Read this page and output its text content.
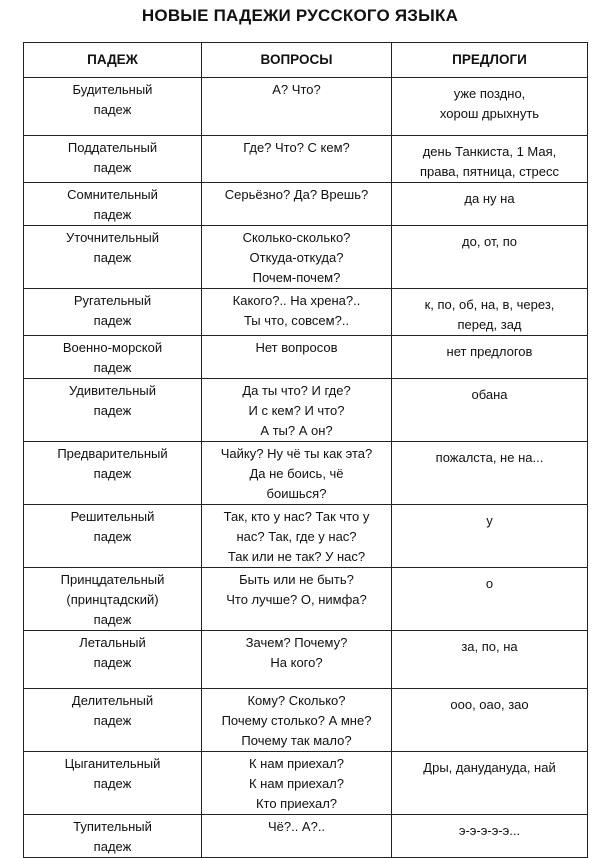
НОВЫЕ ПАДЕЖИ РУССКОГО ЯЗЫКА
ПАДЕЖ	ВОПРОСЫ	ПРЕДЛОГИ

Будительный
падеж	А? Что?	уже поздно,
хорош дрыхнуть

Поддательный
падеж	Где? Что? С кем?	день Танкиста, 1 Мая,
права, пятница, стресс

Сомнительный
падеж	Серьёзно? Да? Врешь?	да ну на

Уточнительный
падеж	Сколько-сколько?
Откуда-откуда?
Почем-почем?	до, от, по

Ругательный
падеж	Какого?.. На хрена?..
Ты что, совсем?..	к, по, об, на, в, через,
перед, зад

Военно-морской
падеж	Нет вопросов	нет предлогов

Удивительный
падеж	Да ты что? И где?
И с кем? И что?
А ты? А он?	обана

Предварительный
падеж	Чайку? Ну чё ты как эта?
Да не боись, чё
боишься?	пожалста, не на...

Решительный
падеж	Так, кто у нас? Так что у
нас? Так, где у нас?
Так или не так? У нас?	у

Принцдательный
(принцтадский)
падеж	Быть или не быть?
Что лучше? О, нимфа?	о

Летальный
падеж	Зачем? Почему?
На кого?	за, по, на

Делительный
падеж	Кому? Сколько?
Почему столько? А мне?
Почему так мало?	ооо, оао, зао

Цыганительный
падеж	К нам приехал?
К нам приехал?
Кто приехал?	Дры, дануданудa, най

Тупительный
падеж	Чё?.. А?..	э-э-э-э-э...
